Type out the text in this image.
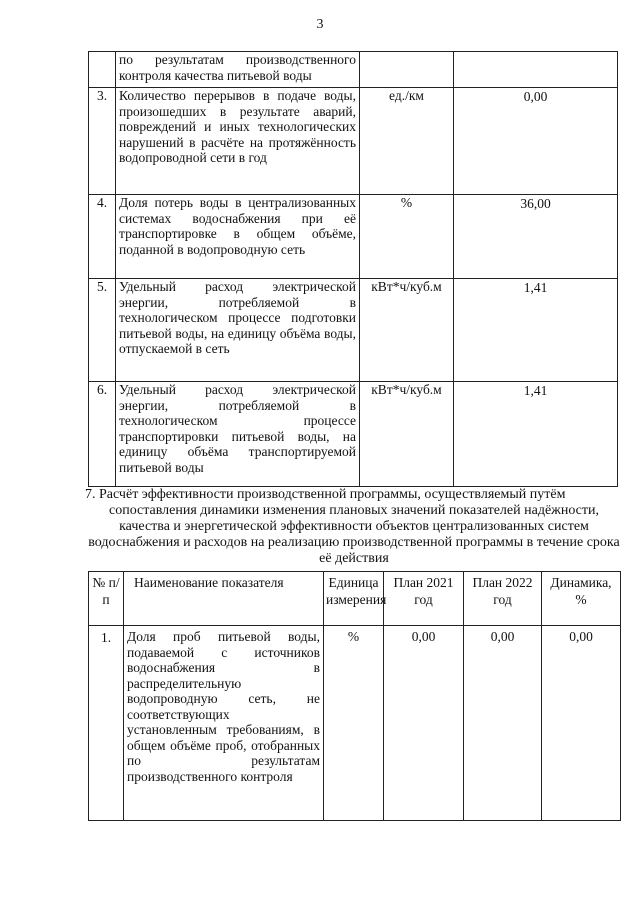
3
	по результатам производственного контроля качества питьевой воды		
3.	Количество перерывов в подаче воды, произошедших в результате аварий, повреждений и иных технологических нарушений в расчёте на протяжённость водопроводной сети в год	ед./км	0,00
4.	Доля потерь воды в централизованных системах водоснабжения при её транспортировке в общем объёме, поданной в водопроводную сеть	%	36,00
5.	Удельный расход электрической энергии, потребляемой в технологическом процессе подготовки питьевой воды, на единицу объёма воды, отпускаемой в сеть	кВт*ч/куб.м	1,41
6.	Удельный расход электрической энергии, потребляемой в технологическом процессе транспортировки питьевой воды, на единицу объёма транспортируемой питьевой воды	кВт*ч/куб.м	1,41
7. Расчёт эффективности производственной программы, осуществляемый путём
сопоставления динамики изменения плановых значений показателей надёжности, качества и энергетической эффективности объектов централизованных систем водоснабжения и расходов на реализацию производственной программы в течение срока её действия
№ п/п	Наименование показателя	Единица измерения	План 2021 год	План 2022 год	Динамика, %
1.	Доля проб питьевой воды, подаваемой с источников водоснабжения в распределительную водопроводную сеть, не соответствующих установленным требованиям, в общем объёме проб, отобранных по результатам производственного контроля	%	0,00	0,00	0,00
